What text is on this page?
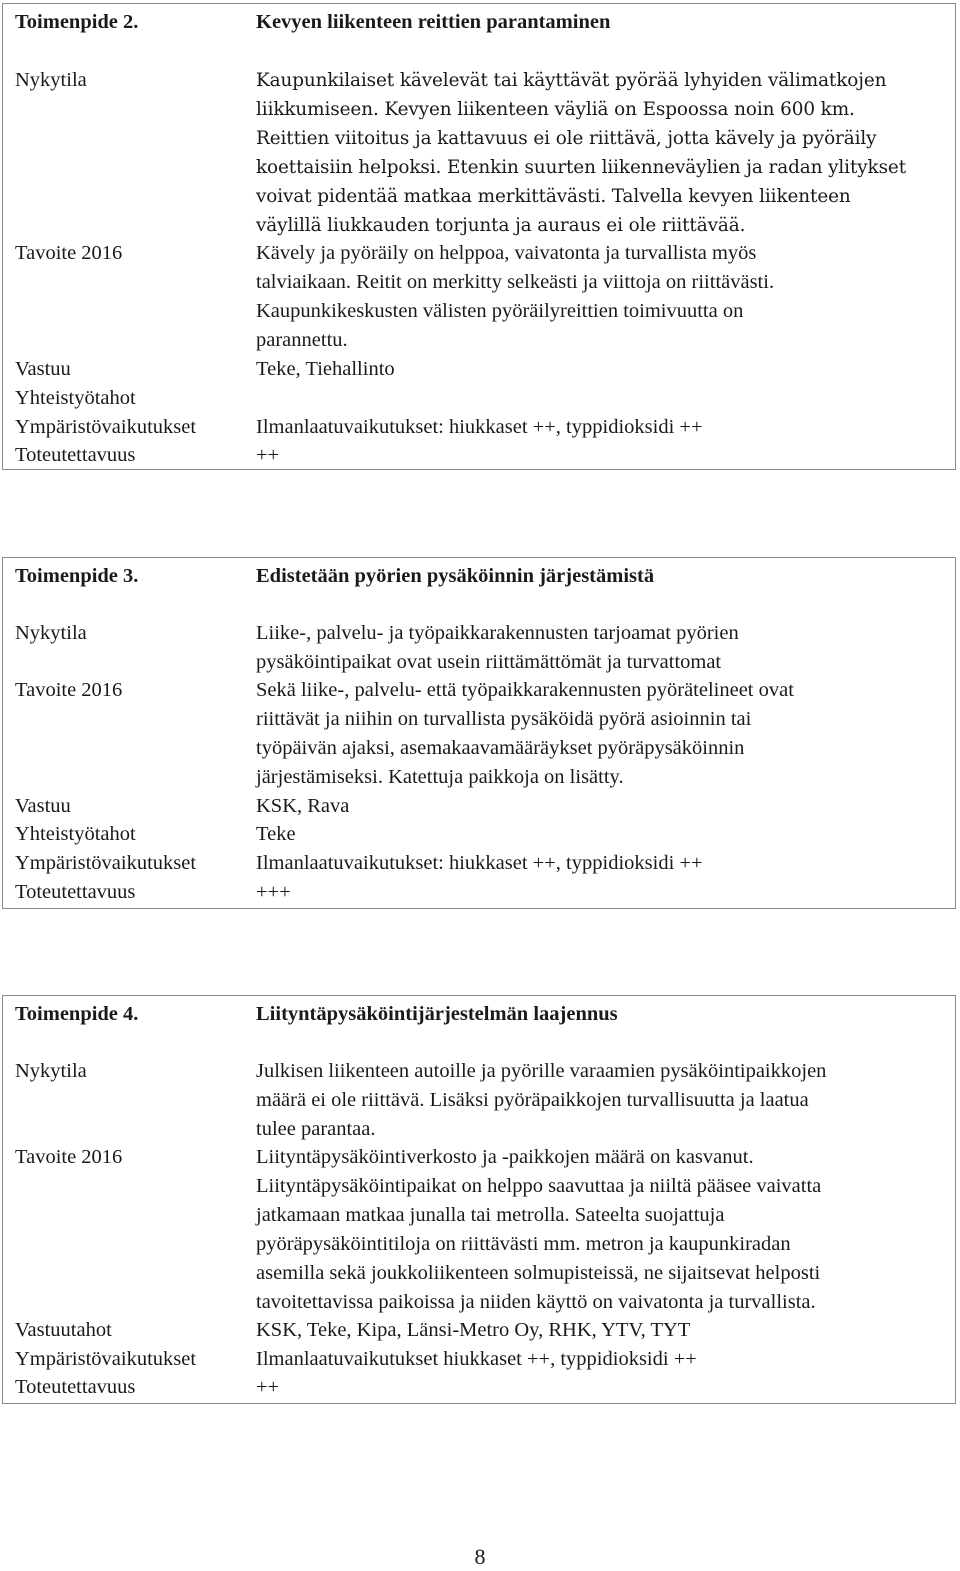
Toimenpide 2.	Kevyen liikenteen reittien parantaminen
Nykytila	Kaupunkilaiset kävelevät tai käyttävät pyörää lyhyiden välimatkojen
liikkumiseen. Kevyen liikenteen väyliä on Espoossa noin 600 km.
Reittien viitoitus ja kattavuus ei ole riittävä, jotta kävely ja pyöräily
koettaisiin helpoksi. Etenkin suurten liikenneväylien ja radan ylitykset
voivat pidentää matkaa merkittävästi. Talvella kevyen liikenteen
väylillä liukkauden torjunta ja auraus ei ole riittävää.
Tavoite 2016	Kävely ja pyöräily on helppoa, vaivatonta ja turvallista myös
talviaikaan. Reitit on merkitty selkeästi ja viittoja on riittävästi.
Kaupunkikeskusten välisten pyöräilyreittien toimivuutta on
parannettu.
Vastuu	Teke, Tiehallinto
Yhteistyötahot
Ympäristövaikutukset	Ilmanlaatuvaikutukset: hiukkaset ++, typpidioksidi ++
Toteutettavuus	++
Toimenpide 3.	Edistetään pyörien pysäköinnin järjestämistä
Nykytila	Liike-, palvelu- ja työpaikkarakennusten tarjoamat pyörien
pysäköintipaikat ovat usein riittämättömät ja turvattomat
Tavoite 2016	Sekä liike-, palvelu- että työpaikkarakennusten pyörätelineet ovat
riittävät ja niihin on turvallista pysäköidä pyörä asioinnin tai
työpäivän ajaksi, asemakaavamääräykset pyöräpysäköinnin
järjestämiseksi. Katettuja paikkoja on lisätty.
Vastuu	KSK, Rava
Yhteistyötahot	Teke
Ympäristövaikutukset	Ilmanlaatuvaikutukset: hiukkaset ++, typpidioksidi ++
Toteutettavuus	+++
Toimenpide 4.	Liityntäpysäköintijärjestelmän laajennus
Nykytila	Julkisen liikenteen autoille ja pyörille varaamien pysäköintipaikkojen
määrä ei ole riittävä. Lisäksi pyöräpaikkojen turvallisuutta ja laatua
tulee parantaa.
Tavoite 2016	Liityntäpysäköintiverkosto ja -paikkojen määrä on kasvanut.
Liityntäpysäköintipaikat on helppo saavuttaa ja niiltä pääsee vaivatta
jatkamaan matkaa junalla tai metrolla. Sateelta suojattuja
pyöräpysäköintitiloja on riittävästi mm. metron ja kaupunkiradan
asemilla sekä joukkoliikenteen solmupisteissä, ne sijaitsevat helposti
tavoitettavissa paikoissa ja niiden käyttö on vaivatonta ja turvallista.
Vastuutahot	KSK, Teke, Kipa, Länsi-Metro Oy, RHK, YTV, TYT
Ympäristövaikutukset	Ilmanlaatuvaikutukset hiukkaset ++, typpidioksidi ++
Toteutettavuus	++
8
